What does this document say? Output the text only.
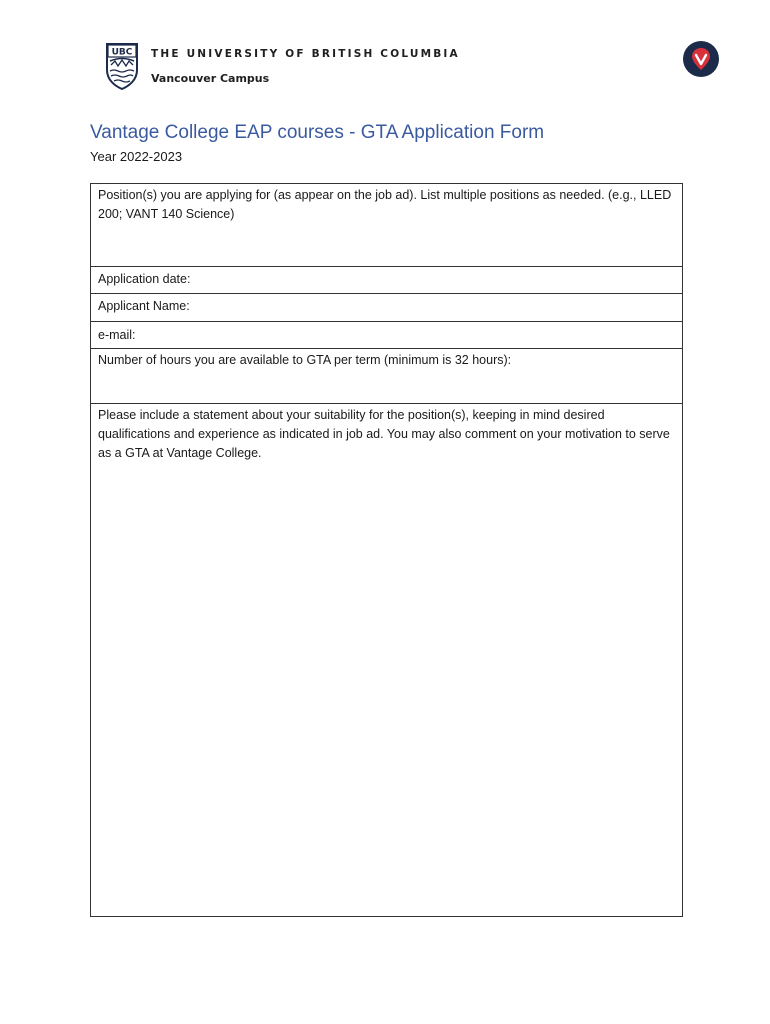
UBC THE UNIVERSITY OF BRITISH COLUMBIA
Vancouver Campus
Vantage College EAP courses - GTA Application Form
Year 2022-2023
Position(s) you are applying for (as appear on the job ad). List multiple positions as needed. (e.g., LLED 200; VANT 140 Science)
Application date:
Applicant Name:
e-mail:
Number of hours you are available to GTA per term (minimum is 32 hours):
Please include a statement about your suitability for the position(s), keeping in mind desired qualifications and experience as indicated in job ad. You may also comment on your motivation to serve as a GTA at Vantage College.
